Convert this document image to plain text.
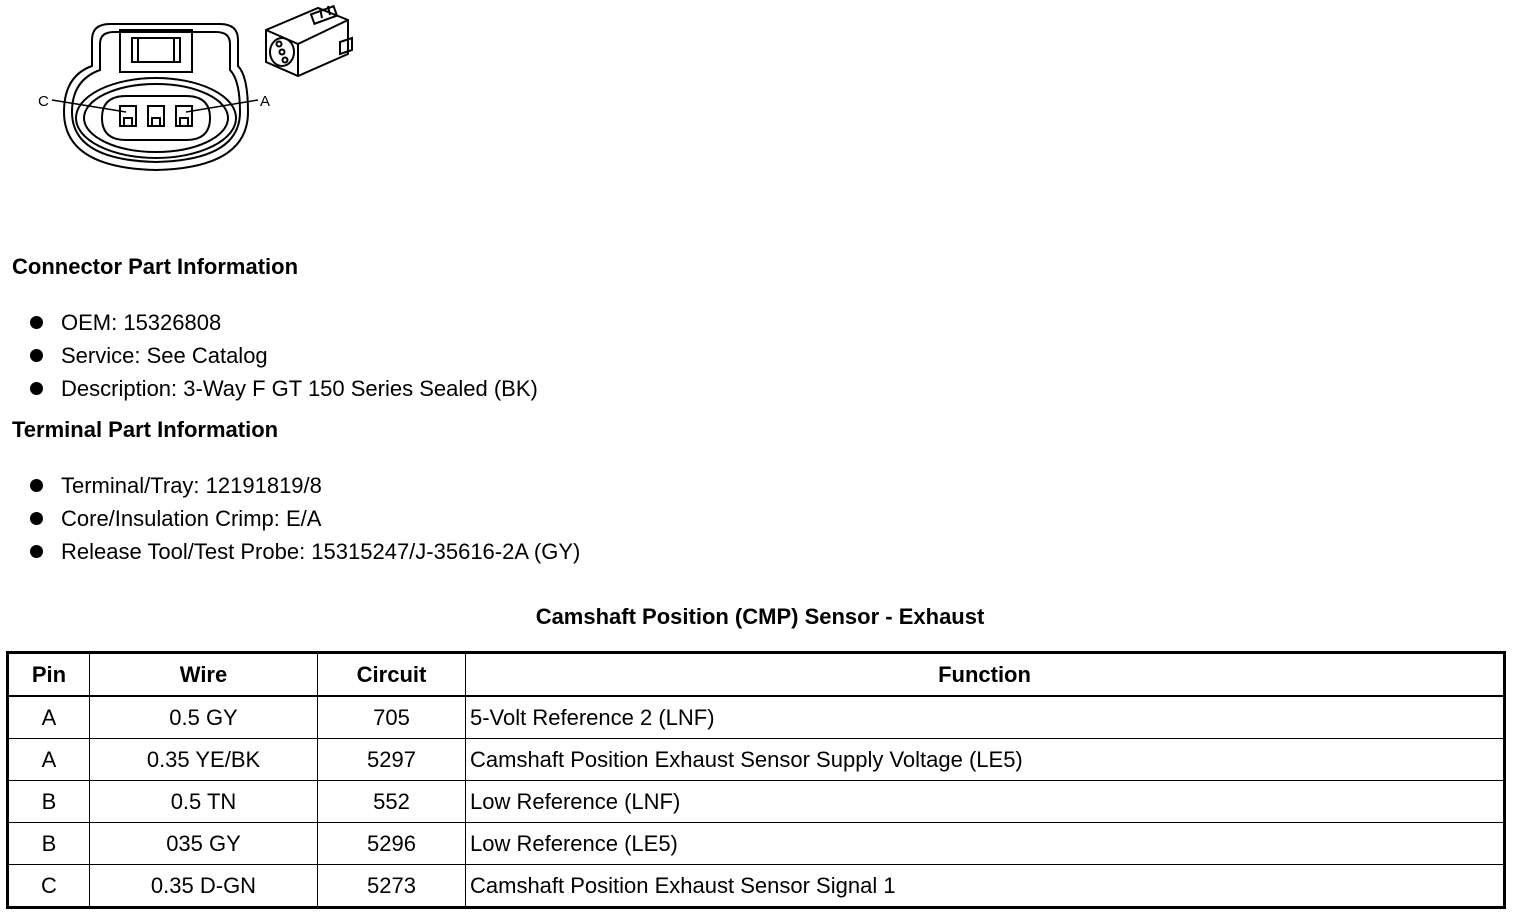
C	A
Connector Part Information
OEM: 15326808
Service: See Catalog
Description: 3-Way F GT 150 Series Sealed (BK)
Terminal Part Information
Terminal/Tray: 12191819/8
Core/Insulation Crimp: E/A
Release Tool/Test Probe: 15315247/J-35616-2A (GY)
Camshaft Position (CMP) Sensor - Exhaust
Pin	Wire	Circuit	Function
A	0.5 GY	705	5-Volt Reference 2 (LNF)
A	0.35 YE/BK	5297	Camshaft Position Exhaust Sensor Supply Voltage (LE5)
B	0.5 TN	552	Low Reference (LNF)
B	035 GY	5296	Low Reference (LE5)
C	0.35 D-GN	5273	Camshaft Position Exhaust Sensor Signal 1
